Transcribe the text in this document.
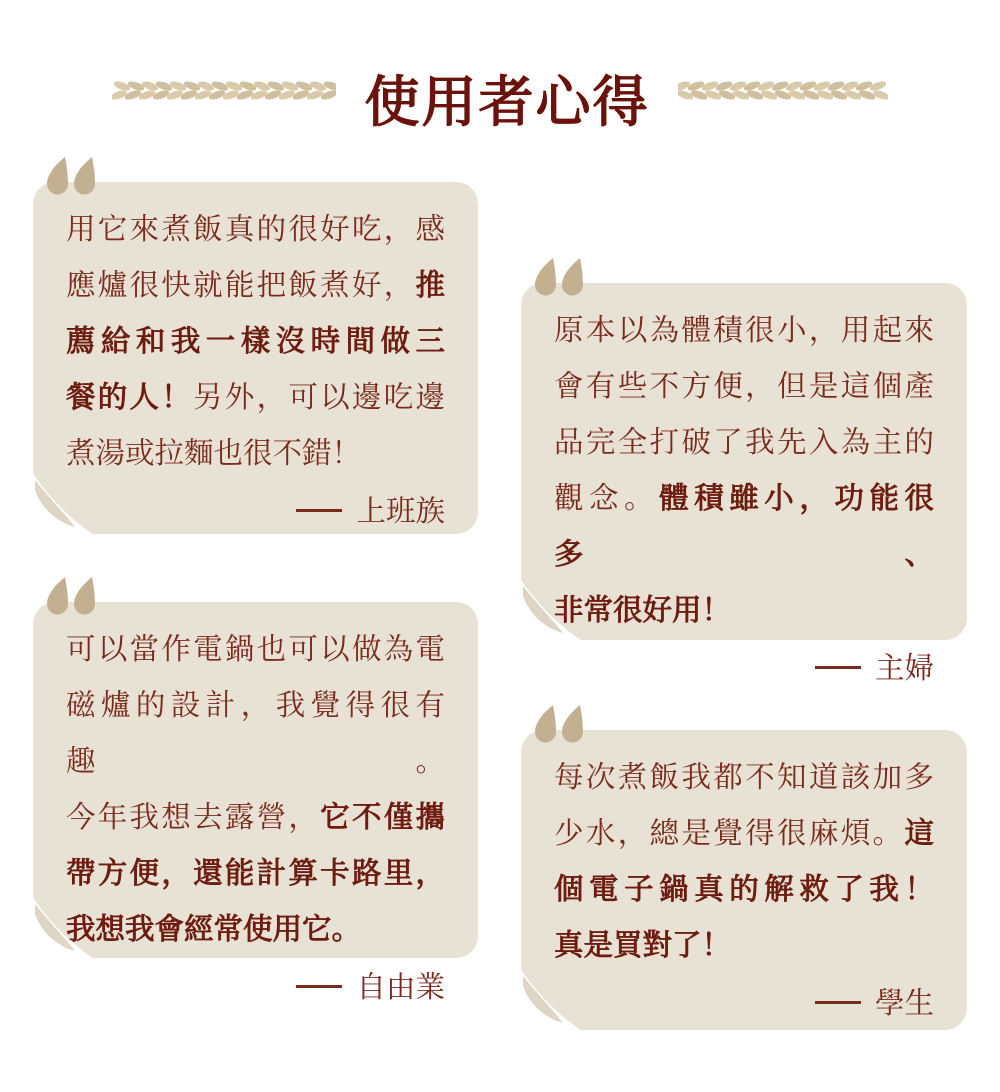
使用者心得
用它來煮飯真的很好吃，感
應爐很快就能把飯煮好，推
薦給和我一樣沒時間做三
餐的人！另外，可以邊吃邊
煮湯或拉麵也很不錯！
上班族
原本以為體積很小，用起來
會有些不方便，但是這個產
品完全打破了我先入為主的
觀念。體積雖小，功能很多、
非常很好用！
主婦
可以當作電鍋也可以做為電
磁爐的設計，我覺得很有趣。
今年我想去露營，它不僅攜
帶方便，還能計算卡路里，
我想我會經常使用它。
自由業
每次煮飯我都不知道該加多
少水，總是覺得很麻煩。這
個電子鍋真的解救了我！
真是買對了！
學生
